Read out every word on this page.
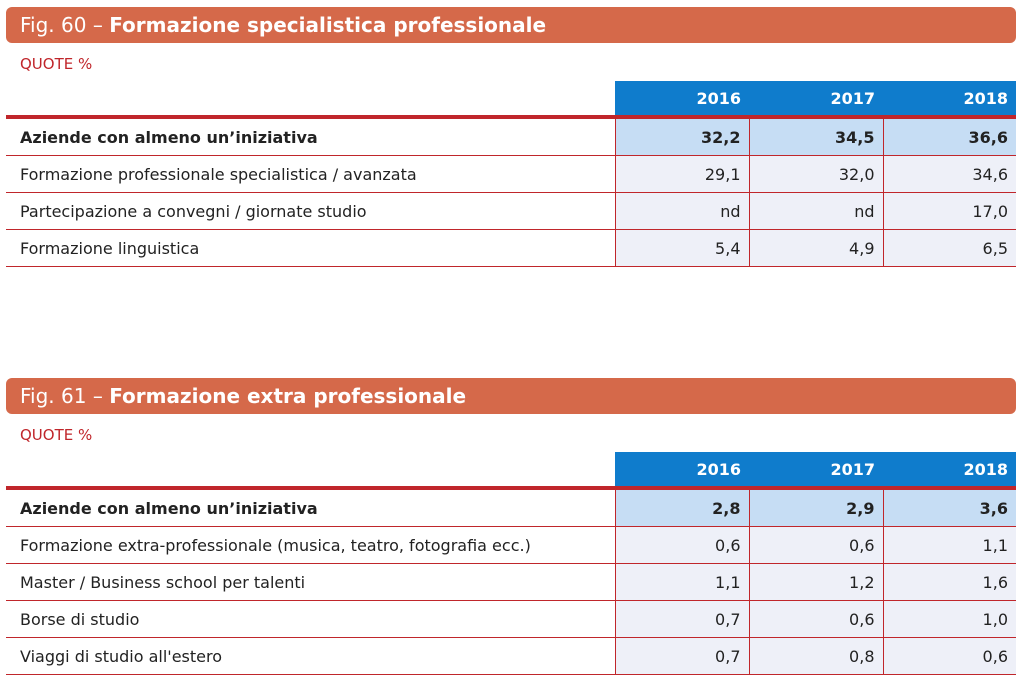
Fig. 60 – Formazione specialistica professionale
QUOTE %
	2016	2017	2018
Aziende con almeno un’iniziativa	32,2	34,5	36,6
Formazione professionale specialistica / avanzata	29,1	32,0	34,6
Partecipazione a convegni / giornate studio	nd	nd	17,0
Formazione linguistica	5,4	4,9	6,5
Fig. 61 – Formazione extra professionale
QUOTE %
	2016	2017	2018
Aziende con almeno un’iniziativa	2,8	2,9	3,6
Formazione extra-professionale (musica, teatro, fotografia ecc.)	0,6	0,6	1,1
Master / Business school per talenti	1,1	1,2	1,6
Borse di studio	0,7	0,6	1,0
Viaggi di studio all'estero	0,7	0,8	0,6
